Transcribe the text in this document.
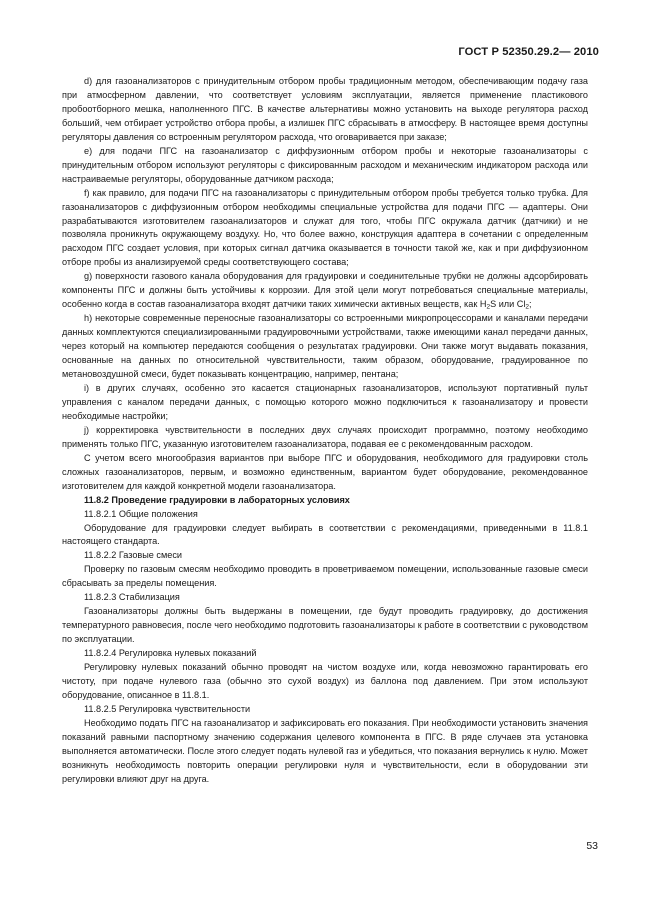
ГОСТ Р 52350.29.2— 2010

d) для газоанализаторов с принудительным отбором пробы традиционным методом, обеспечивающим подачу газа при атмосферном давлении, что соответствует условиям эксплуатации, является применение пластикового пробоотборного мешка, наполненного ПГС. В качестве альтернативы можно установить на выходе регулятора расход больший, чем отбирает устройство отбора пробы, а излишек ПГС сбрасывать в атмосферу. В настоящее время доступны регуляторы давления со встроенным регулятором расхода, что оговаривается при заказе;

e) для подачи ПГС на газоанализатор с диффузионным отбором пробы и некоторые газоанализаторы с принудительным отбором используют регуляторы с фиксированным расходом и механическим индикатором расхода или настраиваемые регуляторы, оборудованные датчиком расхода;

f) как правило, для подачи ПГС на газоанализаторы с принудительным отбором пробы требуется только трубка. Для газоанализаторов с диффузионным отбором необходимы специальные устройства для подачи ПГС — адаптеры. Они разрабатываются изготовителем газоанализаторов и служат для того, чтобы ПГС окружала датчик (датчики) и не позволяла проникнуть окружающему воздуху. Но, что более важно, конструкция адаптера в сочетании с определенным расходом ПГС создает условия, при которых сигнал датчика оказывается в точности такой же, как и при диффузионном отборе пробы из анализируемой среды соответствующего состава;

g) поверхности газового канала оборудования для градуировки и соединительные трубки не должны адсорбировать компоненты ПГС и должны быть устойчивы к коррозии. Для этой цели могут потребоваться специальные материалы, особенно когда в состав газоанализатора входят датчики таких химически активных веществ, как $H_2S$ или $Cl_2$;

h) некоторые современные переносные газоанализаторы со встроенными микропроцессорами и каналами передачи данных комплектуются специализированными градуировочными устройствами, также имеющими канал передачи данных, через который на компьютер передаются сообщения о результатах градуировки. Они также могут выдавать показания, основанные на данных по относительной чувствительности, таким образом, оборудование, градуированное по метановоздушной смеси, будет показывать концентрацию, например, пентана;

i) в других случаях, особенно это касается стационарных газоанализаторов, используют портативный пульт управления с каналом передачи данных, с помощью которого можно подключиться к газоанализатору и провести необходимые настройки;

j) корректировка чувствительности в последних двух случаях происходит программно, поэтому необходимо применять только ПГС, указанную изготовителем газоанализатора, подавая ее с рекомендованным расходом.

С учетом всего многообразия вариантов при выборе ПГС и оборудования, необходимого для градуировки столь сложных газоанализаторов, первым, и возможно единственным, вариантом будет оборудование, рекомендованное изготовителем для каждой конкретной модели газоанализатора.

11.8.2 Проведение градуировки в лабораторных условиях

11.8.2.1 Общие положения

Оборудование для градуировки следует выбирать в соответствии с рекомендациями, приведенными в 11.8.1 настоящего стандарта.

11.8.2.2 Газовые смеси

Проверку по газовым смесям необходимо проводить в проветриваемом помещении, использованные газовые смеси сбрасывать за пределы помещения.

11.8.2.3 Стабилизация

Газоанализаторы должны быть выдержаны в помещении, где будут проводить градуировку, до достижения температурного равновесия, после чего необходимо подготовить газоанализаторы к работе в соответствии с руководством по эксплуатации.

11.8.2.4 Регулировка нулевых показаний

Регулировку нулевых показаний обычно проводят на чистом воздухе или, когда невозможно гарантировать его чистоту, при подаче нулевого газа (обычно это сухой воздух) из баллона под давлением. При этом используют оборудование, описанное в 11.8.1.

11.8.2.5 Регулировка чувствительности

Необходимо подать ПГС на газоанализатор и зафиксировать его показания. При необходимости установить значения показаний равными паспортному значению содержания целевого компонента в ПГС. В ряде случаев эта установка выполняется автоматически. После этого следует подать нулевой газ и убедиться, что показания вернулись к нулю. Может возникнуть необходимость повторить операции регулировки нуля и чувствительности, если в оборудовании эти регулировки влияют друг на друга.

53
